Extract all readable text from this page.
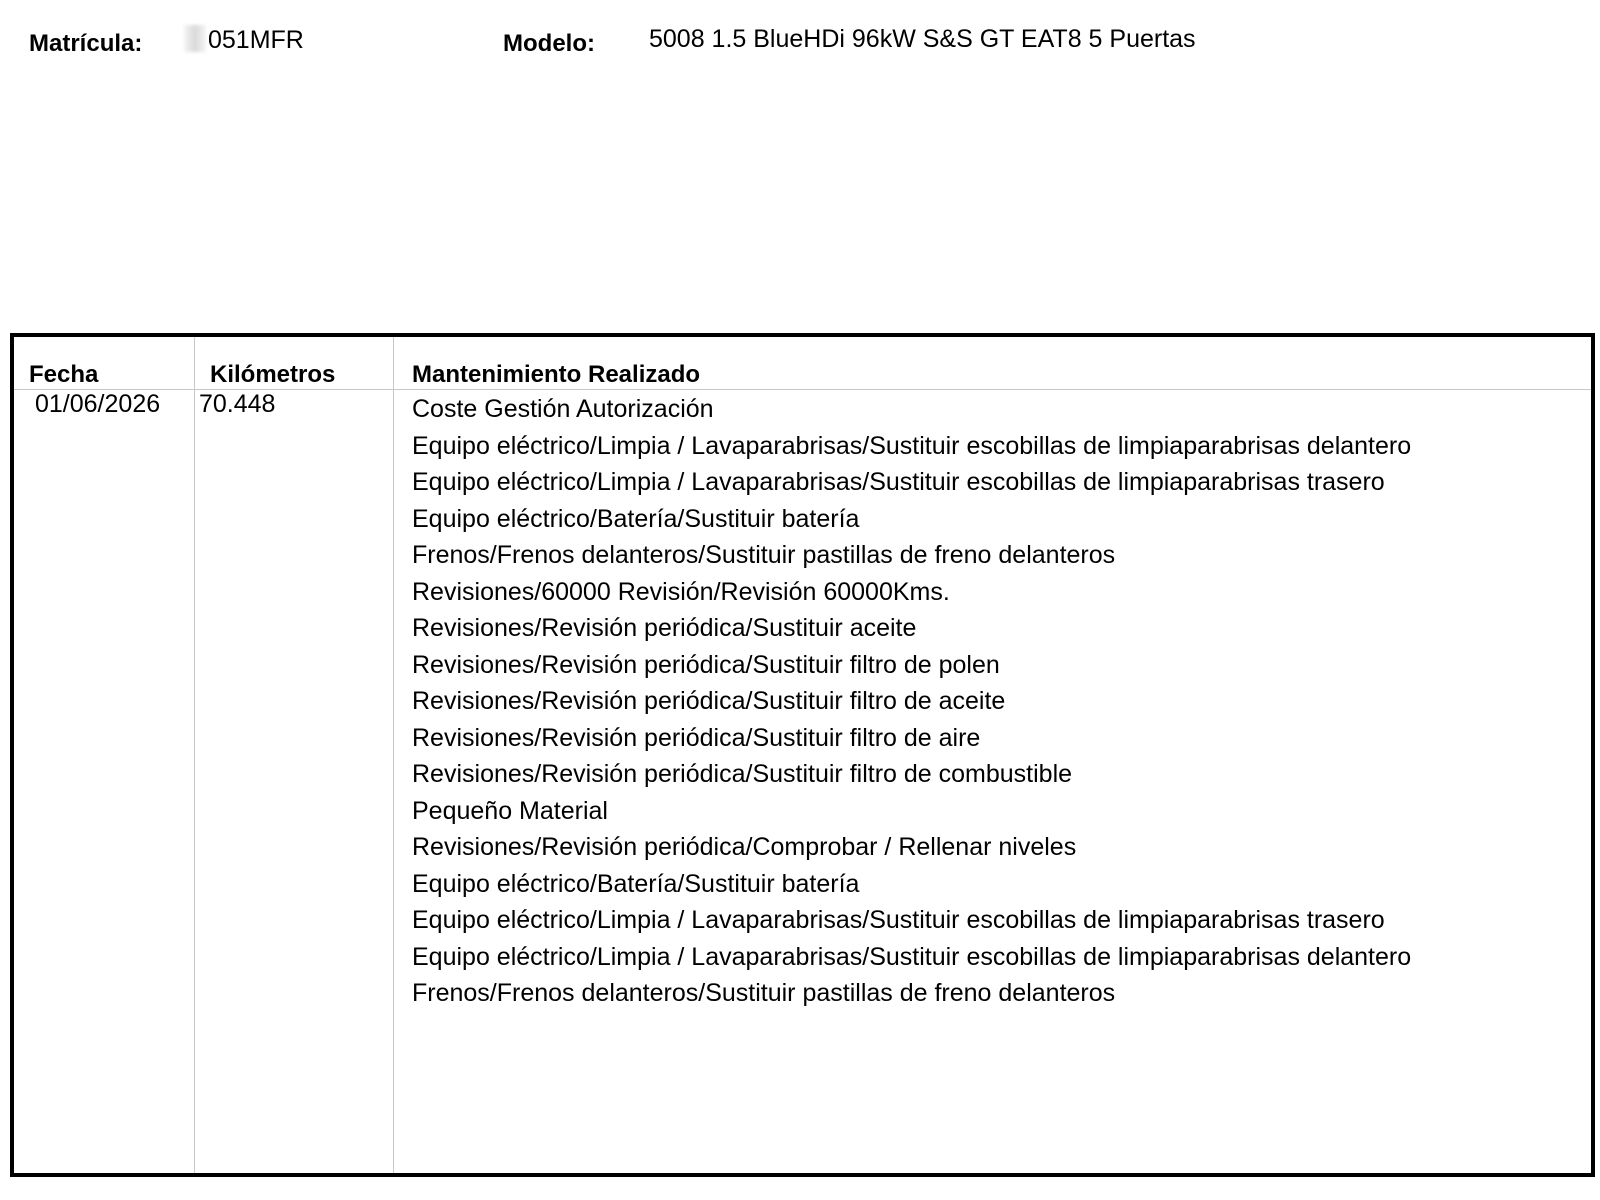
Matrícula:	051MFR	Modelo: 5008 1.5 BlueHDi 96kW S&S GT EAT8 5 Puertas
Fecha	Kilómetros	Mantenimiento Realizado
01/06/2026 70.448	Coste Gestión Autorización
Equipo eléctrico/Limpia / Lavaparabrisas/Sustituir escobillas de limpiaparabrisas delantero
Equipo eléctrico/Limpia / Lavaparabrisas/Sustituir escobillas de limpiaparabrisas trasero
Equipo eléctrico/Batería/Sustituir batería
Frenos/Frenos delanteros/Sustituir pastillas de freno delanteros
Revisiones/60000 Revisión/Revisión 60000Kms.
Revisiones/Revisión periódica/Sustituir aceite
Revisiones/Revisión periódica/Sustituir filtro de polen
Revisiones/Revisión periódica/Sustituir filtro de aceite
Revisiones/Revisión periódica/Sustituir filtro de aire
Revisiones/Revisión periódica/Sustituir filtro de combustible
Pequeño Material
Revisiones/Revisión periódica/Comprobar / Rellenar niveles
Equipo eléctrico/Batería/Sustituir batería
Equipo eléctrico/Limpia / Lavaparabrisas/Sustituir escobillas de limpiaparabrisas trasero
Equipo eléctrico/Limpia / Lavaparabrisas/Sustituir escobillas de limpiaparabrisas delantero
Frenos/Frenos delanteros/Sustituir pastillas de freno delanteros
